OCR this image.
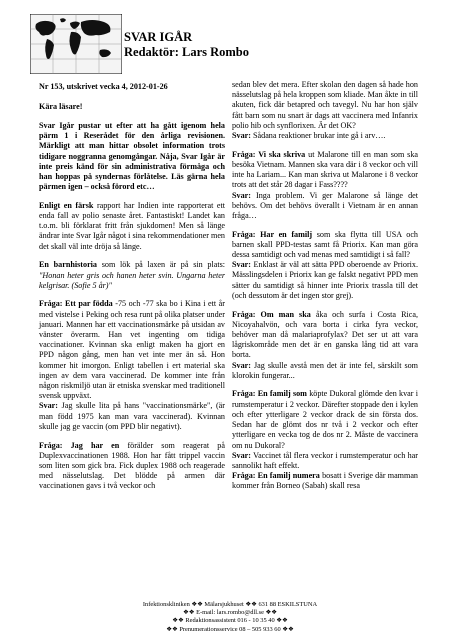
SVAR IGÅR
Redaktör: Lars Rombo

Nr 153, utskrivet vecka 4, 2012-01-26

Kära läsare!

Svar Igår pustar ut efter att ha gått igenom hela pärm 1 i Reserådet för den årliga revisionen. Märkligt att man hittar obsolet information trots tidigare noggranna genomgångar. Nåja, Svar Igår är inte preis känd för sin administrativa förmåga och han hoppas på syndernas förlåtelse. Läs gärna hela pärmen igen – också förord etc…

Enligt en färsk rapport har Indien inte rapporterat ett enda fall av polio senaste året. Fantastiskt! Landet kan t.o.m. bli förklarat fritt från sjukdomen! Men så länge ändrar inte Svar Igår något i sina rekommendationer men det skall väl inte dröja så länge.

En barnhistoria som lök på laxen är på sin plats: "Honan heter gris och hanen heter svin. Ungarna heter kelgrisar. (Sofie 5 år)"

Fråga: Ett par födda -75 och -77 ska bo i Kina i ett år med vistelse i Peking och resa runt på olika platser under januari. Mannen har ett vaccinationsmärke på utsidan av vänster överarm. Han vet ingenting om tidiga vaccinationer. Kvinnan ska enligt maken ha gjort en PPD någon gång, men han vet inte mer än så. Hon kommer hit imorgon. Enligt tabellen i ert material ska ingen av dem vara vaccinerad. De kommer inte från någon riskmiljö utan är etniska svenskar med traditionell svensk uppväxt.

Svar: Jag skulle lita på hans "vaccinationsmärke", (är man född 1975 kan man vara vaccinerad). Kvinnan skulle jag ge vaccin (om PPD blir negativt).

Fråga: Jag har en förälder som reagerat på Duplexvaccinationen 1988. Hon har fått trippel vaccin som liten som gick bra. Fick duplex 1988 och reagerade med nässelutslag. Det blödde på armen där vaccinationen gavs i två veckor och

sedan blev det mera. Efter skolan den dagen så hade hon nässelutslag på hela kroppen som kliade. Man åkte in till akuten, fick där betapred och tavegyl. Nu har hon själv fått barn som nu snart är dags att vaccinera med Infanrix polio hib och synflorixen. Är det OK?

Svar: Sådana reaktioner brukar inte gå i arv….

Fråga: Vi ska skriva ut Malarone till en man som ska besöka Vietnam. Mannen ska vara där i 8 veckor och vill inte ha Lariam... Kan man skriva ut Malarone i 8 veckor trots att det står 28 dagar i Fass????

Svar: Inga problem. Vi ger Malarone så länge det behövs. Om det behövs överallt i Vietnam är en annan fråga…

Fråga: Har en familj som ska flytta till USA och barnen skall PPD-testas samt få Priorix. Kan man göra dessa samtidigt och vad menas med samtidigt i så fall?

Svar: Enklast är väl att sätta PPD oberoende av Priorix. Mässlingsdelen i Priorix kan ge falskt negativt PPD men sätter du samtidigt så hinner inte Priorix trassla till det (och dessutom är det ingen stor grej).

Fråga: Om man ska åka och surfa i Costa Rica, Nicoyahalvön, och vara borta i cirka fyra veckor, behöver man då malariaprofylax? Det ser ut att vara lågriskområde men det är en ganska lång tid att vara borta.

Svar: Jag skulle avstå men det är inte fel, särskilt som klorokin fungerar...

Fråga: En familj som köpte Dukoral glömde den kvar i rumstemperatur i 2 veckor. Därefter stoppade den i kylen och efter ytterligare 2 veckor drack de sin första dos. Sedan har de glömt dos nr två i 2 veckor och efter ytterligare en vecka tog de dos nr 2. Måste de vaccinera om nu Dukoral?

Svar: Vaccinet tål flera veckor i rumstemperatur och har sannolikt haft effekt.

Fråga: En familj numera bosatt i Sverige där mamman kommer från Borneo (Sabah) skall resa

Infektionskliniken ❖❖ Mälarsjukhuset ❖❖ 631 88 ESKILSTUNA
❖❖ E-mail: lars.rombo@dll.se ❖❖
❖❖ Redaktionsassistent 016 - 10 35 40 ❖❖
❖❖ Prenumerationsservice 08 – 505 933 60 ❖❖
